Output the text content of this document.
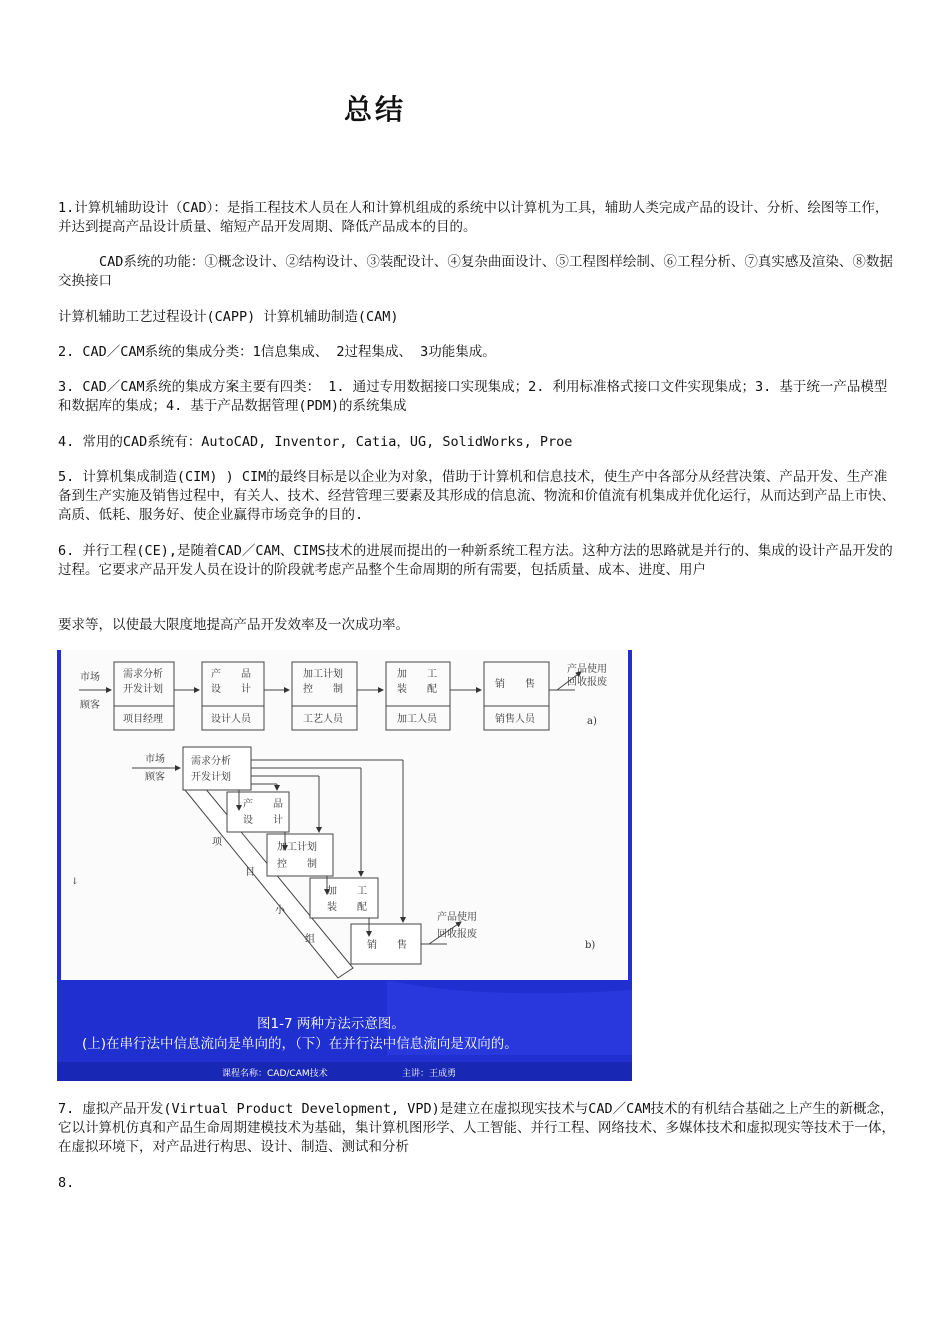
总结

1.计算机辅助设计（CAD）：是指工程技术人员在人和计算机组成的系统中以计算机为工具，辅助人类完成产品的设计、分析、绘图等工作，并达到提高产品设计质量、缩短产品开发周期、降低产品成本的目的。

CAD系统的功能：①概念设计、②结构设计、③装配设计、④复杂曲面设计、⑤工程图样绘制、⑥工程分析、⑦真实感及渲染、⑧数据交换接口

计算机辅助工艺过程设计(CAPP) 计算机辅助制造(CAM)

2. CAD／CAM系统的集成分类：1信息集成、 2过程集成、 3功能集成。

3. CAD／CAM系统的集成方案主要有四类： 1. 通过专用数据接口实现集成；2. 利用标准格式接口文件实现集成；3. 基于统一产品模型和数据库的集成；4. 基于产品数据管理(PDM)的系统集成

4. 常用的CAD系统有：AutoCAD, Inventor, Catia，UG, SolidWorks, Proe

5. 计算机集成制造(CIM) ) CIM的最终目标是以企业为对象，借助于计算机和信息技术，使生产中各部分从经营决策、产品开发、生产准备到生产实施及销售过程中，有关人、技术、经营管理三要素及其形成的信息流、物流和价值流有机集成并优化运行，从而达到产品上市快、高质、低耗、服务好、使企业赢得市场竞争的目的.

6. 并行工程(CE),是随着CAD／CAM、CIMS技术的进展而提出的一种新系统工程方法。这种方法的思路就是并行的、集成的设计产品开发的过程。它要求产品开发人员在设计的阶段就考虑产品整个生命周期的所有需要，包括质量、成本、进度、用户

要求等，以使最大限度地提高产品开发效率及一次成功率。

市场
顾客
需求分析
开发计划
项目经理
产　　品
设　　计
设计人员
加工计划
控　　制
工艺人员
加　　工
装　　配
加工人员
销　　售
销售人员
产品使用
回收报废
a)
市场
顾客
项
目
小
组
需求分析
开发计划
产　　品
设　　计
加工计划
控　　制
加　　工
装　　配
销　　售
产品使用
回收报废
b)
↓
图1-7 两种方法示意图。
(上)在串行法中信息流向是单向的，（下）在并行法中信息流向是双向的。
课程名称：CAD/CAM技术	主讲：王成勇

7. 虚拟产品开发(Virtual Product Development, VPD)是建立在虚拟现实技术与CAD／CAM技术的有机结合基础之上产生的新概念，它以计算机仿真和产品生命周期建模技术为基础，集计算机图形学、人工智能、并行工程、网络技术、多媒体技术和虚拟现实等技术于一体，在虚拟环境下，对产品进行构思、设计、制造、测试和分析

8.
